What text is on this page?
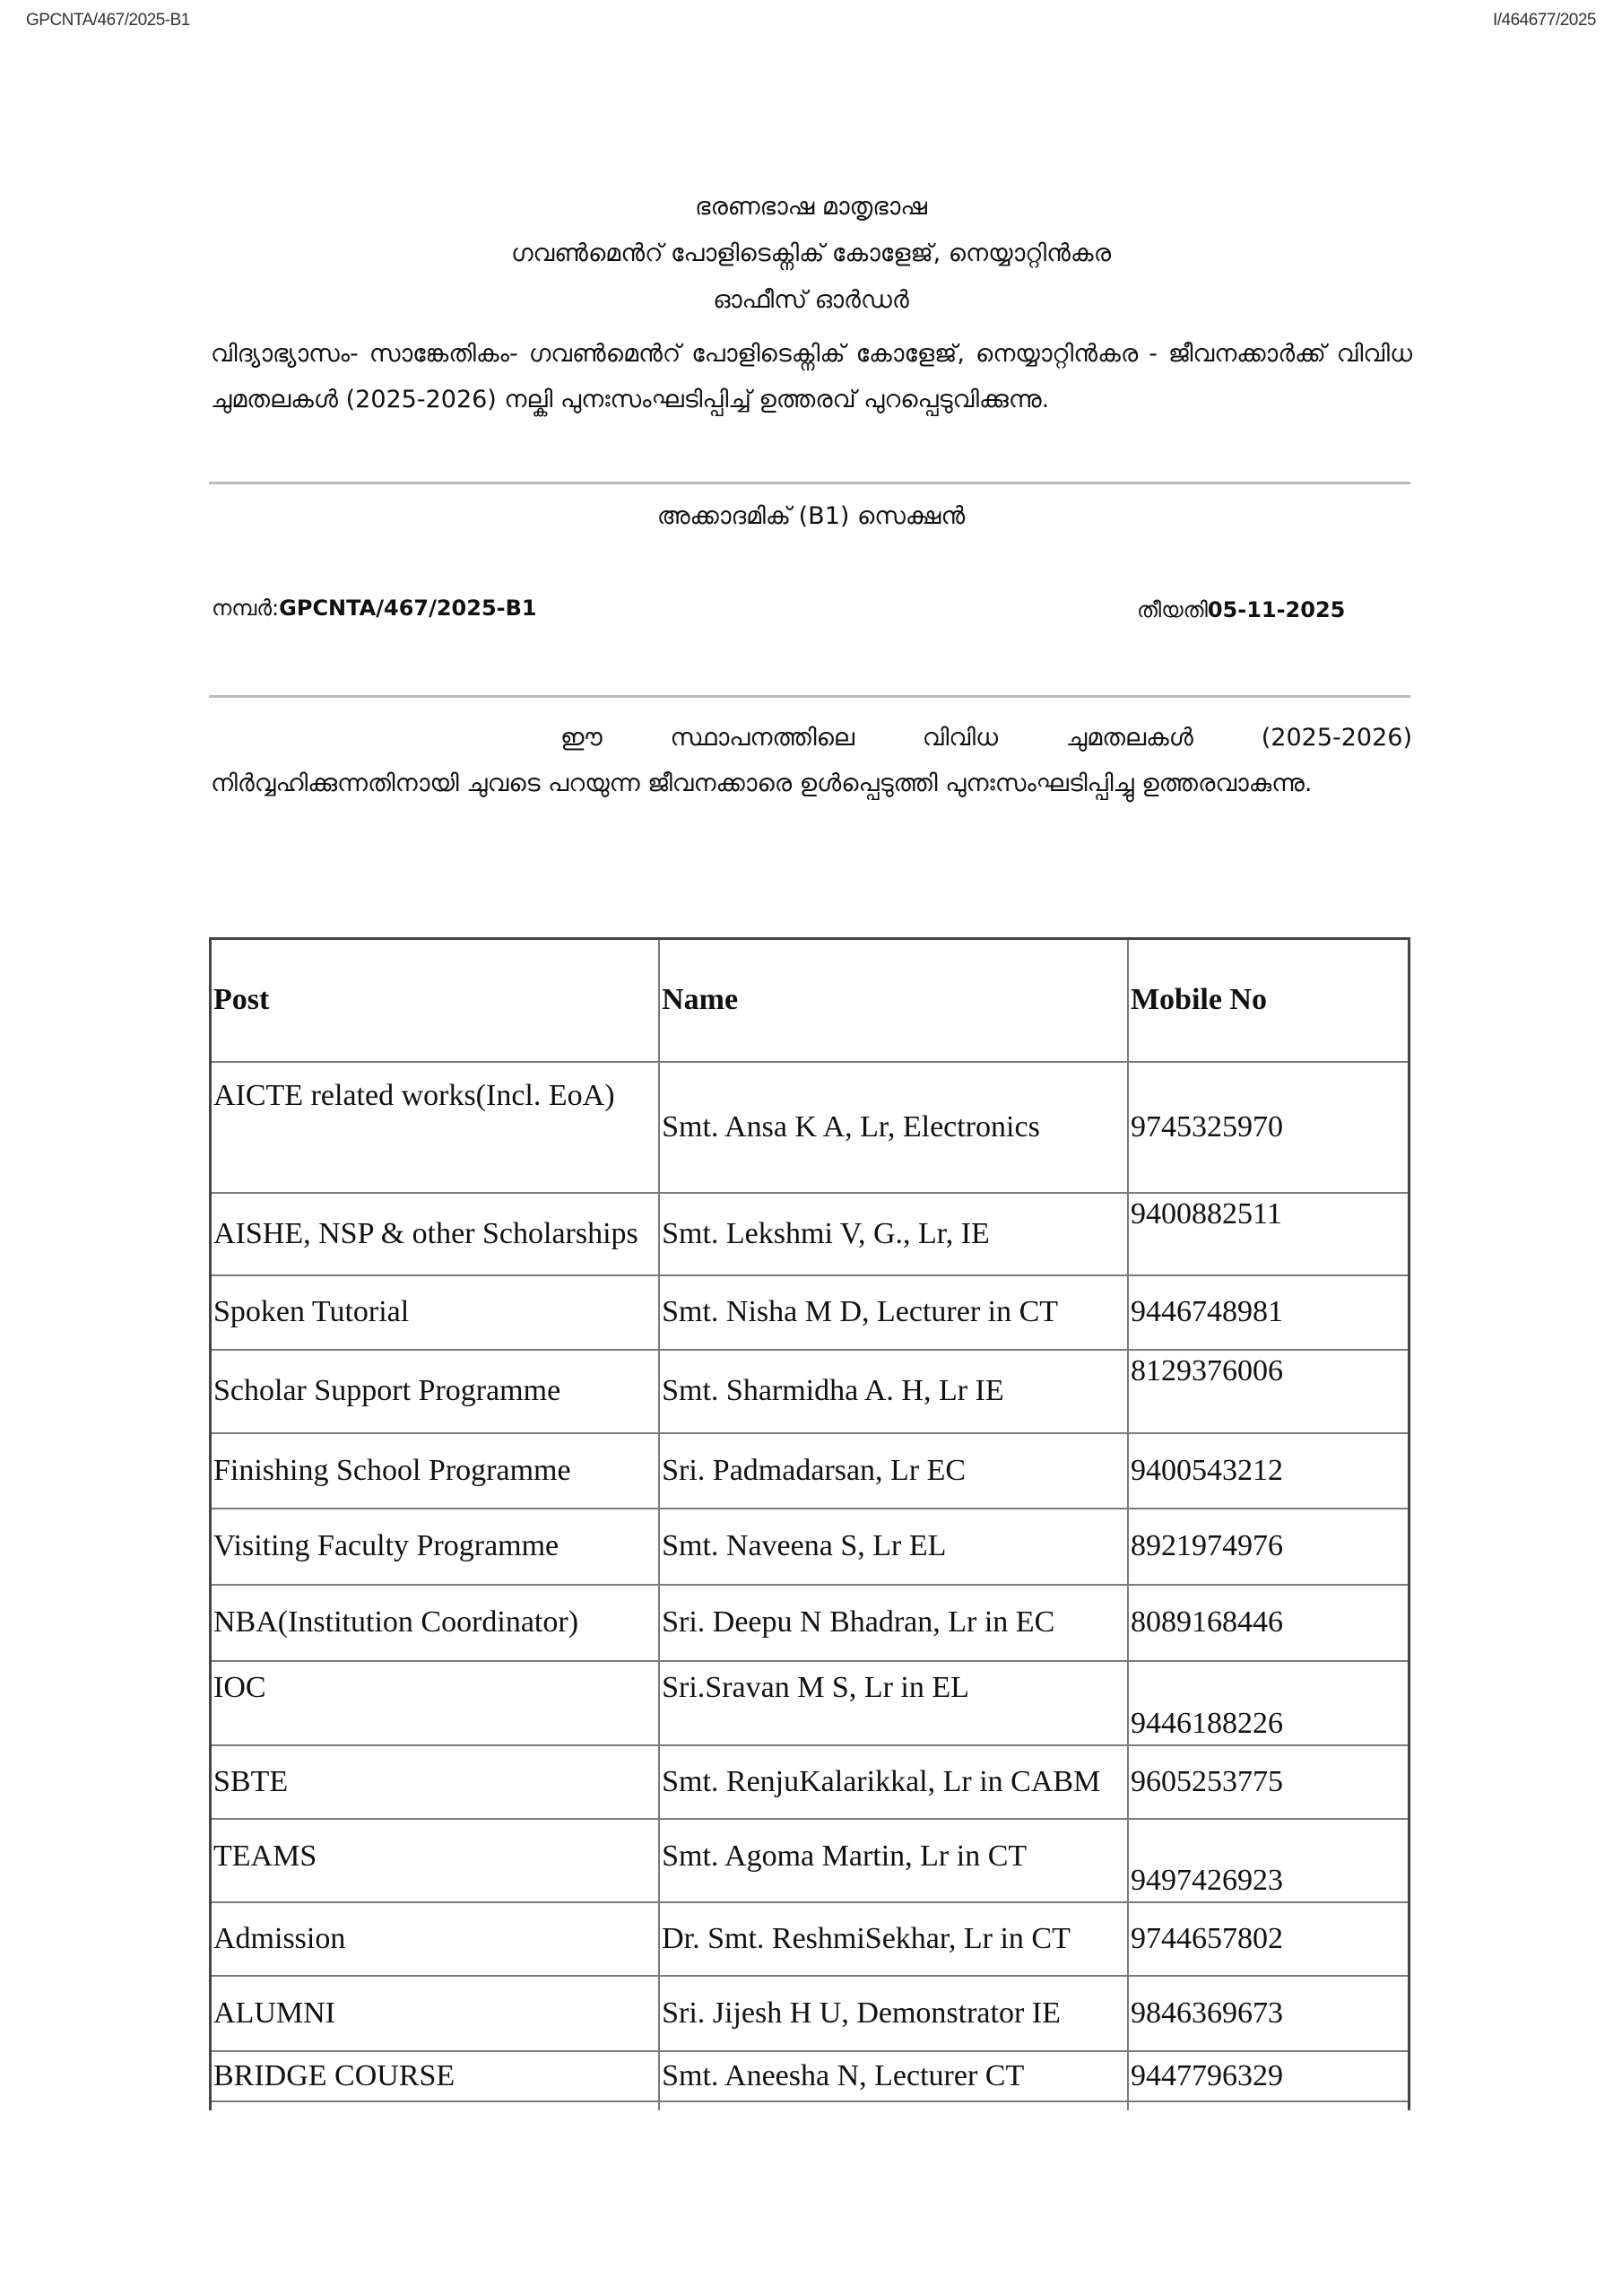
GPCNTA/467/2025-B1	I/464677/2025
ഭരണഭാഷ മാതൃഭാഷ
ഗവൺമെൻറ് പോളിടെക്നിക് കോളേജ്, നെയ്യാറ്റിൻകര
ഓഫീസ് ഓർഡർ
വിദ്യാഭ്യാസം- സാങ്കേതികം- ഗവൺമെൻറ് പോളിടെക്നിക് കോളേജ്, നെയ്യാറ്റിൻകര - ജീവനക്കാർക്ക് വിവിധ ചുമതലകൾ (2025-2026) നല്കി പുനഃസംഘടിപ്പിച്ച് ഉത്തരവ് പുറപ്പെടുവിക്കുന്നു.
അക്കാദമിക് (B1) സെക്ഷൻ
നമ്പർ:GPCNTA/467/2025-B1	തീയതി05-11-2025
ഈ സ്ഥാപനത്തിലെ വിവിധ ചുമതലകൾ (2025-2026) നിർവ്വഹിക്കുന്നതിനായി ചുവടെ പറയുന്ന ജീവനക്കാരെ ഉൾപ്പെടുത്തി പുനഃസംഘടിപ്പിച്ചു ഉത്തരവാകുന്നു.
Post	Name	Mobile No
AICTE related works(Incl. EoA)	Smt. Ansa K A, Lr, Electronics	9745325970
AISHE, NSP & other Scholarships	Smt. Lekshmi V, G., Lr, IE	9400882511
Spoken Tutorial	Smt. Nisha M D, Lecturer in CT	9446748981
Scholar Support Programme	Smt. Sharmidha A. H, Lr IE	8129376006
Finishing School Programme	Sri. Padmadarsan, Lr EC	9400543212
Visiting Faculty Programme	Smt. Naveena S, Lr EL	8921974976
NBA(Institution Coordinator)	Sri. Deepu N Bhadran, Lr in EC	8089168446
IOC	Sri.Sravan M S, Lr in EL	9446188226
SBTE	Smt. RenjuKalarikkal, Lr in CABM	9605253775
TEAMS	Smt. Agoma Martin, Lr in CT	9497426923
Admission	Dr. Smt. ReshmiSekhar, Lr in CT	9744657802
ALUMNI	Sri. Jijesh H U, Demonstrator IE	9846369673
BRIDGE COURSE	Smt. Aneesha N, Lecturer CT	9447796329
